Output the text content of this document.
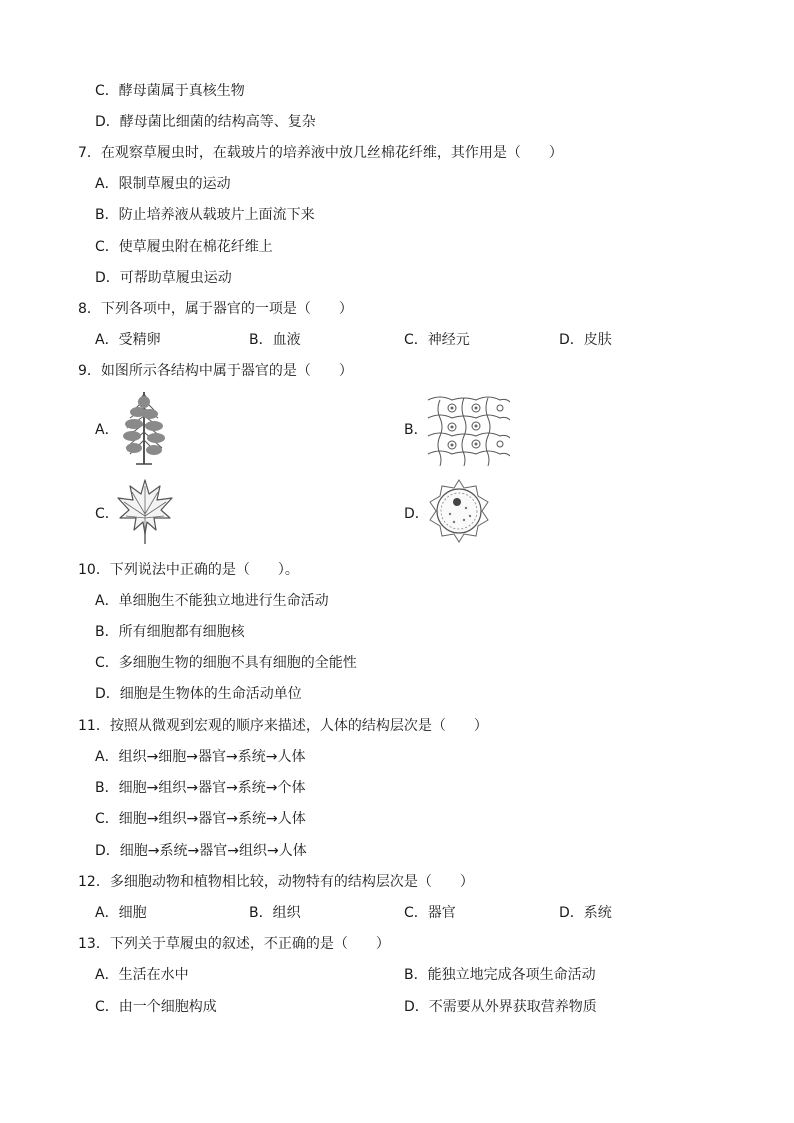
C．酵母菌属于真核生物
D．酵母菌比细菌的结构高等、复杂
7．在观察草履虫时，在载玻片的培养液中放几丝棉花纤维，其作用是（　　）
A．限制草履虫的运动
B．防止培养液从载玻片上面流下来
C．使草履虫附在棉花纤维上
D．可帮助草履虫运动
8．下列各项中，属于器官的一项是（　　）
A．受精卵	B．血液	C．神经元	D．皮肤
9．如图所示各结构中属于器官的是（　　）
A．	B．
C．	D．
10．下列说法中正确的是（　　）。
A．单细胞生不能独立地进行生命活动
B．所有细胞都有细胞核
C．多细胞生物的细胞不具有细胞的全能性
D．细胞是生物体的生命活动单位
11．按照从微观到宏观的顺序来描述，人体的结构层次是（　　）
A．组织→细胞→器官→系统→人体
B．细胞→组织→器官→系统→个体
C．细胞→组织→器官→系统→人体
D．细胞→系统→器官→组织→人体
12．多细胞动物和植物相比较，动物特有的结构层次是（　　）
A．细胞	B．组织	C．器官	D．系统
13．下列关于草履虫的叙述，不正确的是（　　）
A．生活在水中	B．能独立地完成各项生命活动
C．由一个细胞构成	D．不需要从外界获取营养物质
